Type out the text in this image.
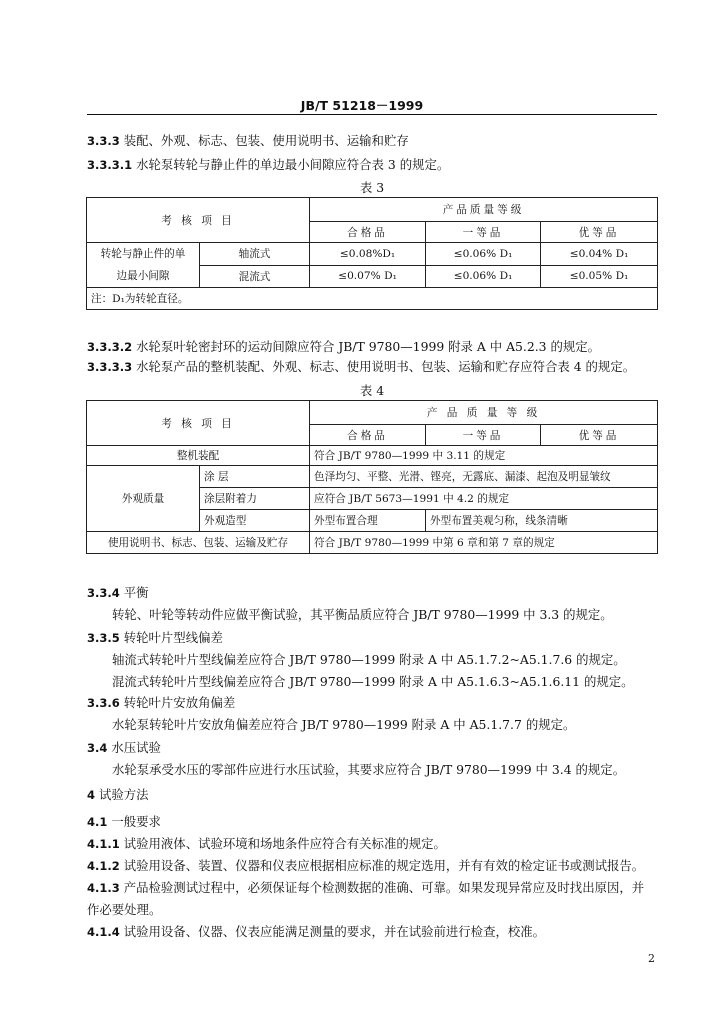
JB/T 51218－1999
3.3.3 装配、外观、标志、包装、使用说明书、运输和贮存
3.3.3.1 水轮泵转轮与静止件的单边最小间隙应符合表 3 的规定。
表 3
考 核 项 目		产品质量等级		
		合格品	一等品	优等品
转轮与静止件的单
边最小间隙	轴流式	≤0.08%D₁	≤0.06% D₁	≤0.04% D₁
	混流式	≤0.07% D₁	≤0.06% D₁	≤0.05% D₁
注：D₁为转轮直径。				
3.3.3.2 水轮泵叶轮密封环的运动间隙应符合 JB/T 9780—1999 附录 A 中 A5.2.3 的规定。
3.3.3.3 水轮泵产品的整机装配、外观、标志、使用说明书、包装、运输和贮存应符合表 4 的规定。
表 4
考 核 项 目		产 品 质 量 等 级		
		合格品	一等品	优等品
整机装配		符合 JB/T 9780—1999 中 3.11 的规定		
外观质量	涂 层	色泽均匀、平整、光滑、铿亮，无露底、漏漆、起泡及明显皱纹		
	涂层附着力	应符合 JB/T 5673—1991 中 4.2 的规定		
	外观造型	外型布置合理	外型布置美观匀称，线条清晰	
使用说明书、标志、包装、运输及贮存		符合 JB/T 9780—1999 中第 6 章和第 7 章的规定		
3.3.4 平衡
转轮、叶轮等转动件应做平衡试验，其平衡品质应符合 JB/T 9780—1999 中 3.3 的规定。
3.3.5 转轮叶片型线偏差
轴流式转轮叶片型线偏差应符合 JB/T 9780—1999 附录 A 中 A5.1.7.2~A5.1.7.6 的规定。
混流式转轮叶片型线偏差应符合 JB/T 9780—1999 附录 A 中 A5.1.6.3~A5.1.6.11 的规定。
3.3.6 转轮叶片安放角偏差
水轮泵转轮叶片安放角偏差应符合 JB/T 9780—1999 附录 A 中 A5.1.7.7 的规定。
3.4 水压试验
水轮泵承受水压的零部件应进行水压试验，其要求应符合 JB/T 9780—1999 中 3.4 的规定。
4 试验方法
4.1 一般要求
4.1.1 试验用液体、试验环境和场地条件应符合有关标准的规定。
4.1.2 试验用设备、装置、仪器和仪表应根据相应标准的规定选用，并有有效的检定证书或测试报告。
4.1.3 产品检验测试过程中，必须保证每个检测数据的准确、可靠。如果发现异常应及时找出原因，并
作必要处理。
4.1.4 试验用设备、仪器、仪表应能满足测量的要求，并在试验前进行检查，校准。
2
